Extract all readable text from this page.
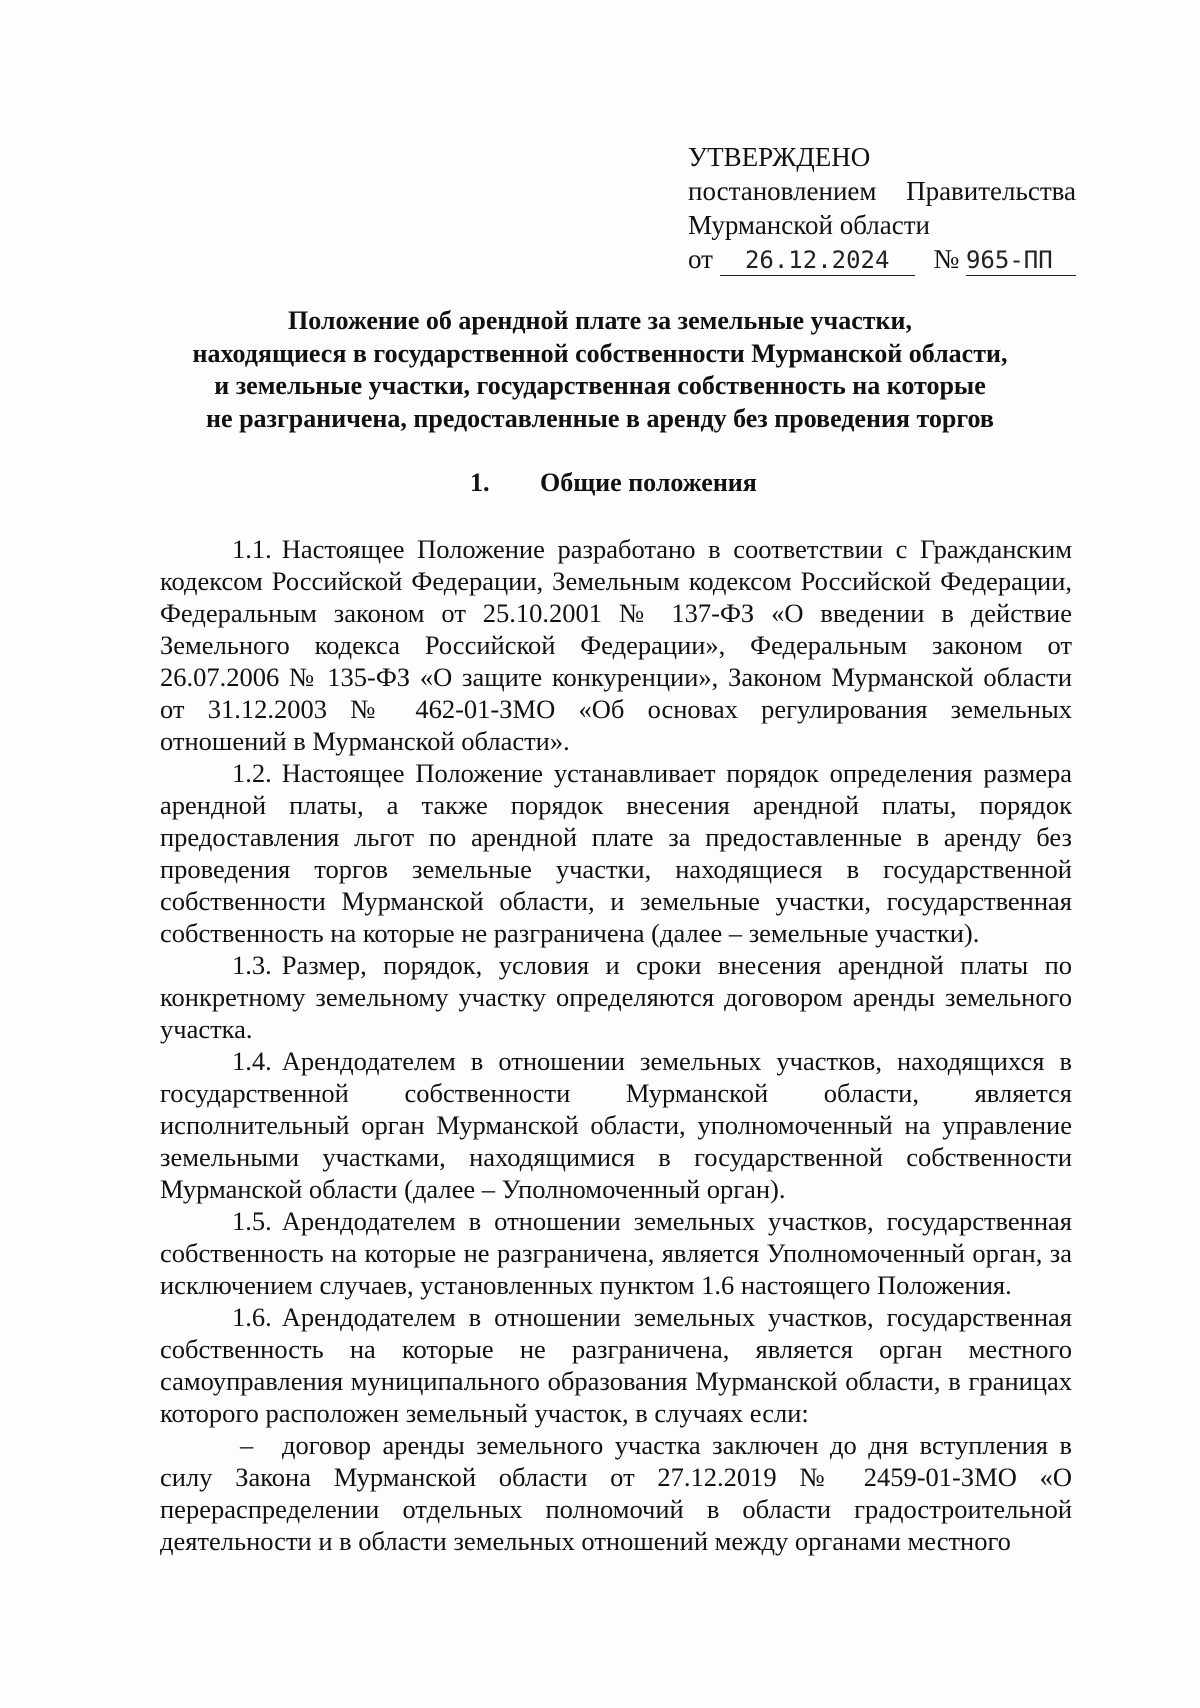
УТВЕРЖДЕНО
постановлением Правительства
Мурманской области
от 26.12.2024 № 965-ПП
Положение об арендной плате за земельные участки,
находящиеся в государственной собственности Мурманской области,
и земельные участки, государственная собственность на которые
не разграничена, предоставленные в аренду без проведения торгов
1. Общие положения

1.1. Настоящее Положение разработано в соответствии с Гражданским кодексом Российской Федерации, Земельным кодексом Российской Федерации, Федеральным законом от 25.10.2001 № 137-ФЗ «О введении в действие Земельного кодекса Российской Федерации», Федеральным законом от 26.07.2006 № 135-ФЗ «О защите конкуренции», Законом Мурманской области от 31.12.2003 № 462-01-ЗМО «Об основах регулирования земельных отношений в Мурманской области».

1.2. Настоящее Положение устанавливает порядок определения размера арендной платы, а также порядок внесения арендной платы, порядок предоставления льгот по арендной плате за предоставленные в аренду без проведения торгов земельные участки, находящиеся в государственной собственности Мурманской области, и земельные участки, государственная собственность на которые не разграничена (далее – земельные участки).

1.3. Размер, порядок, условия и сроки внесения арендной платы по конкретному земельному участку определяются договором аренды земельного участка.

1.4. Арендодателем в отношении земельных участков, находящихся в государственной собственности Мурманской области, является исполнительный орган Мурманской области, уполномоченный на управление земельными участками, находящимися в государственной собственности Мурманской области (далее – Уполномоченный орган).

1.5. Арендодателем в отношении земельных участков, государственная собственность на которые не разграничена, является Уполномоченный орган, за исключением случаев, установленных пунктом 1.6 настоящего Положения.

1.6. Арендодателем в отношении земельных участков, государственная собственность на которые не разграничена, является орган местного самоуправления муниципального образования Мурманской области, в границах которого расположен земельный участок, в случаях если:

– договор аренды земельного участка заключен до дня вступления в силу Закона Мурманской области от 27.12.2019 № 2459-01-ЗМО «О перераспределении отдельных полномочий в области градостроительной деятельности и в области земельных отношений между органами местного
